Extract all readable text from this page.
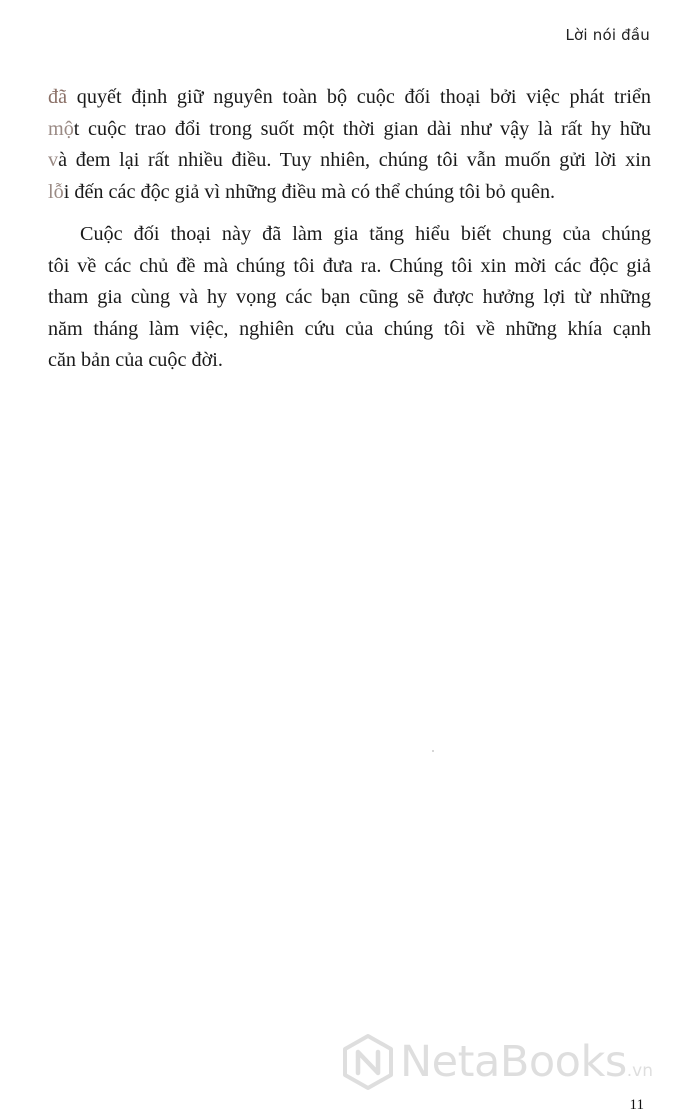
Lời nói đầu
đã quyết định giữ nguyên toàn bộ cuộc đối thoại bởi việc phát triển
một cuộc trao đổi trong suốt một thời gian dài như vậy là rất hy hữu
và đem lại rất nhiều điều. Tuy nhiên, chúng tôi vẫn muốn gửi lời xin
lỗi đến các độc giả vì những điều mà có thể chúng tôi bỏ quên.
Cuộc đối thoại này đã làm gia tăng hiểu biết chung của chúng
tôi về các chủ đề mà chúng tôi đưa ra. Chúng tôi xin mời các độc giả
tham gia cùng và hy vọng các bạn cũng sẽ được hưởng lợi từ những
năm tháng làm việc, nghiên cứu của chúng tôi về những khía cạnh
căn bản của cuộc đời.
NetaBooks.vn
11
